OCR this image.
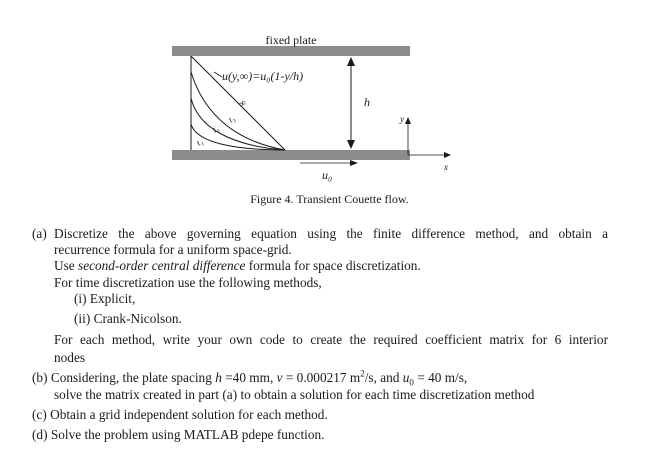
fixed plate
u(y,∞)=u₀(1-y/h)
∞
t₃
t₂
t₁
u₀
h
y
x
Figure 4. Transient Couette flow.
(a) Discretize the above governing equation using the finite difference method, and obtain a
recurrence formula for a uniform space-grid.
Use second-order central difference formula for space discretization.
For time discretization use the following methods,
(i) Explicit,
(ii) Crank-Nicolson.
For each method, write your own code to create the required coefficient matrix for 6 interior
nodes
(b) Considering, the plate spacing h =40 mm, ν = 0.000217 $m^2/s$, and $u_0 = 40$ m/s,
solve the matrix created in part (a) to obtain a solution for each time discretization method
(c) Obtain a grid independent solution for each method.
(d) Solve the problem using MATLAB pdepe function.
